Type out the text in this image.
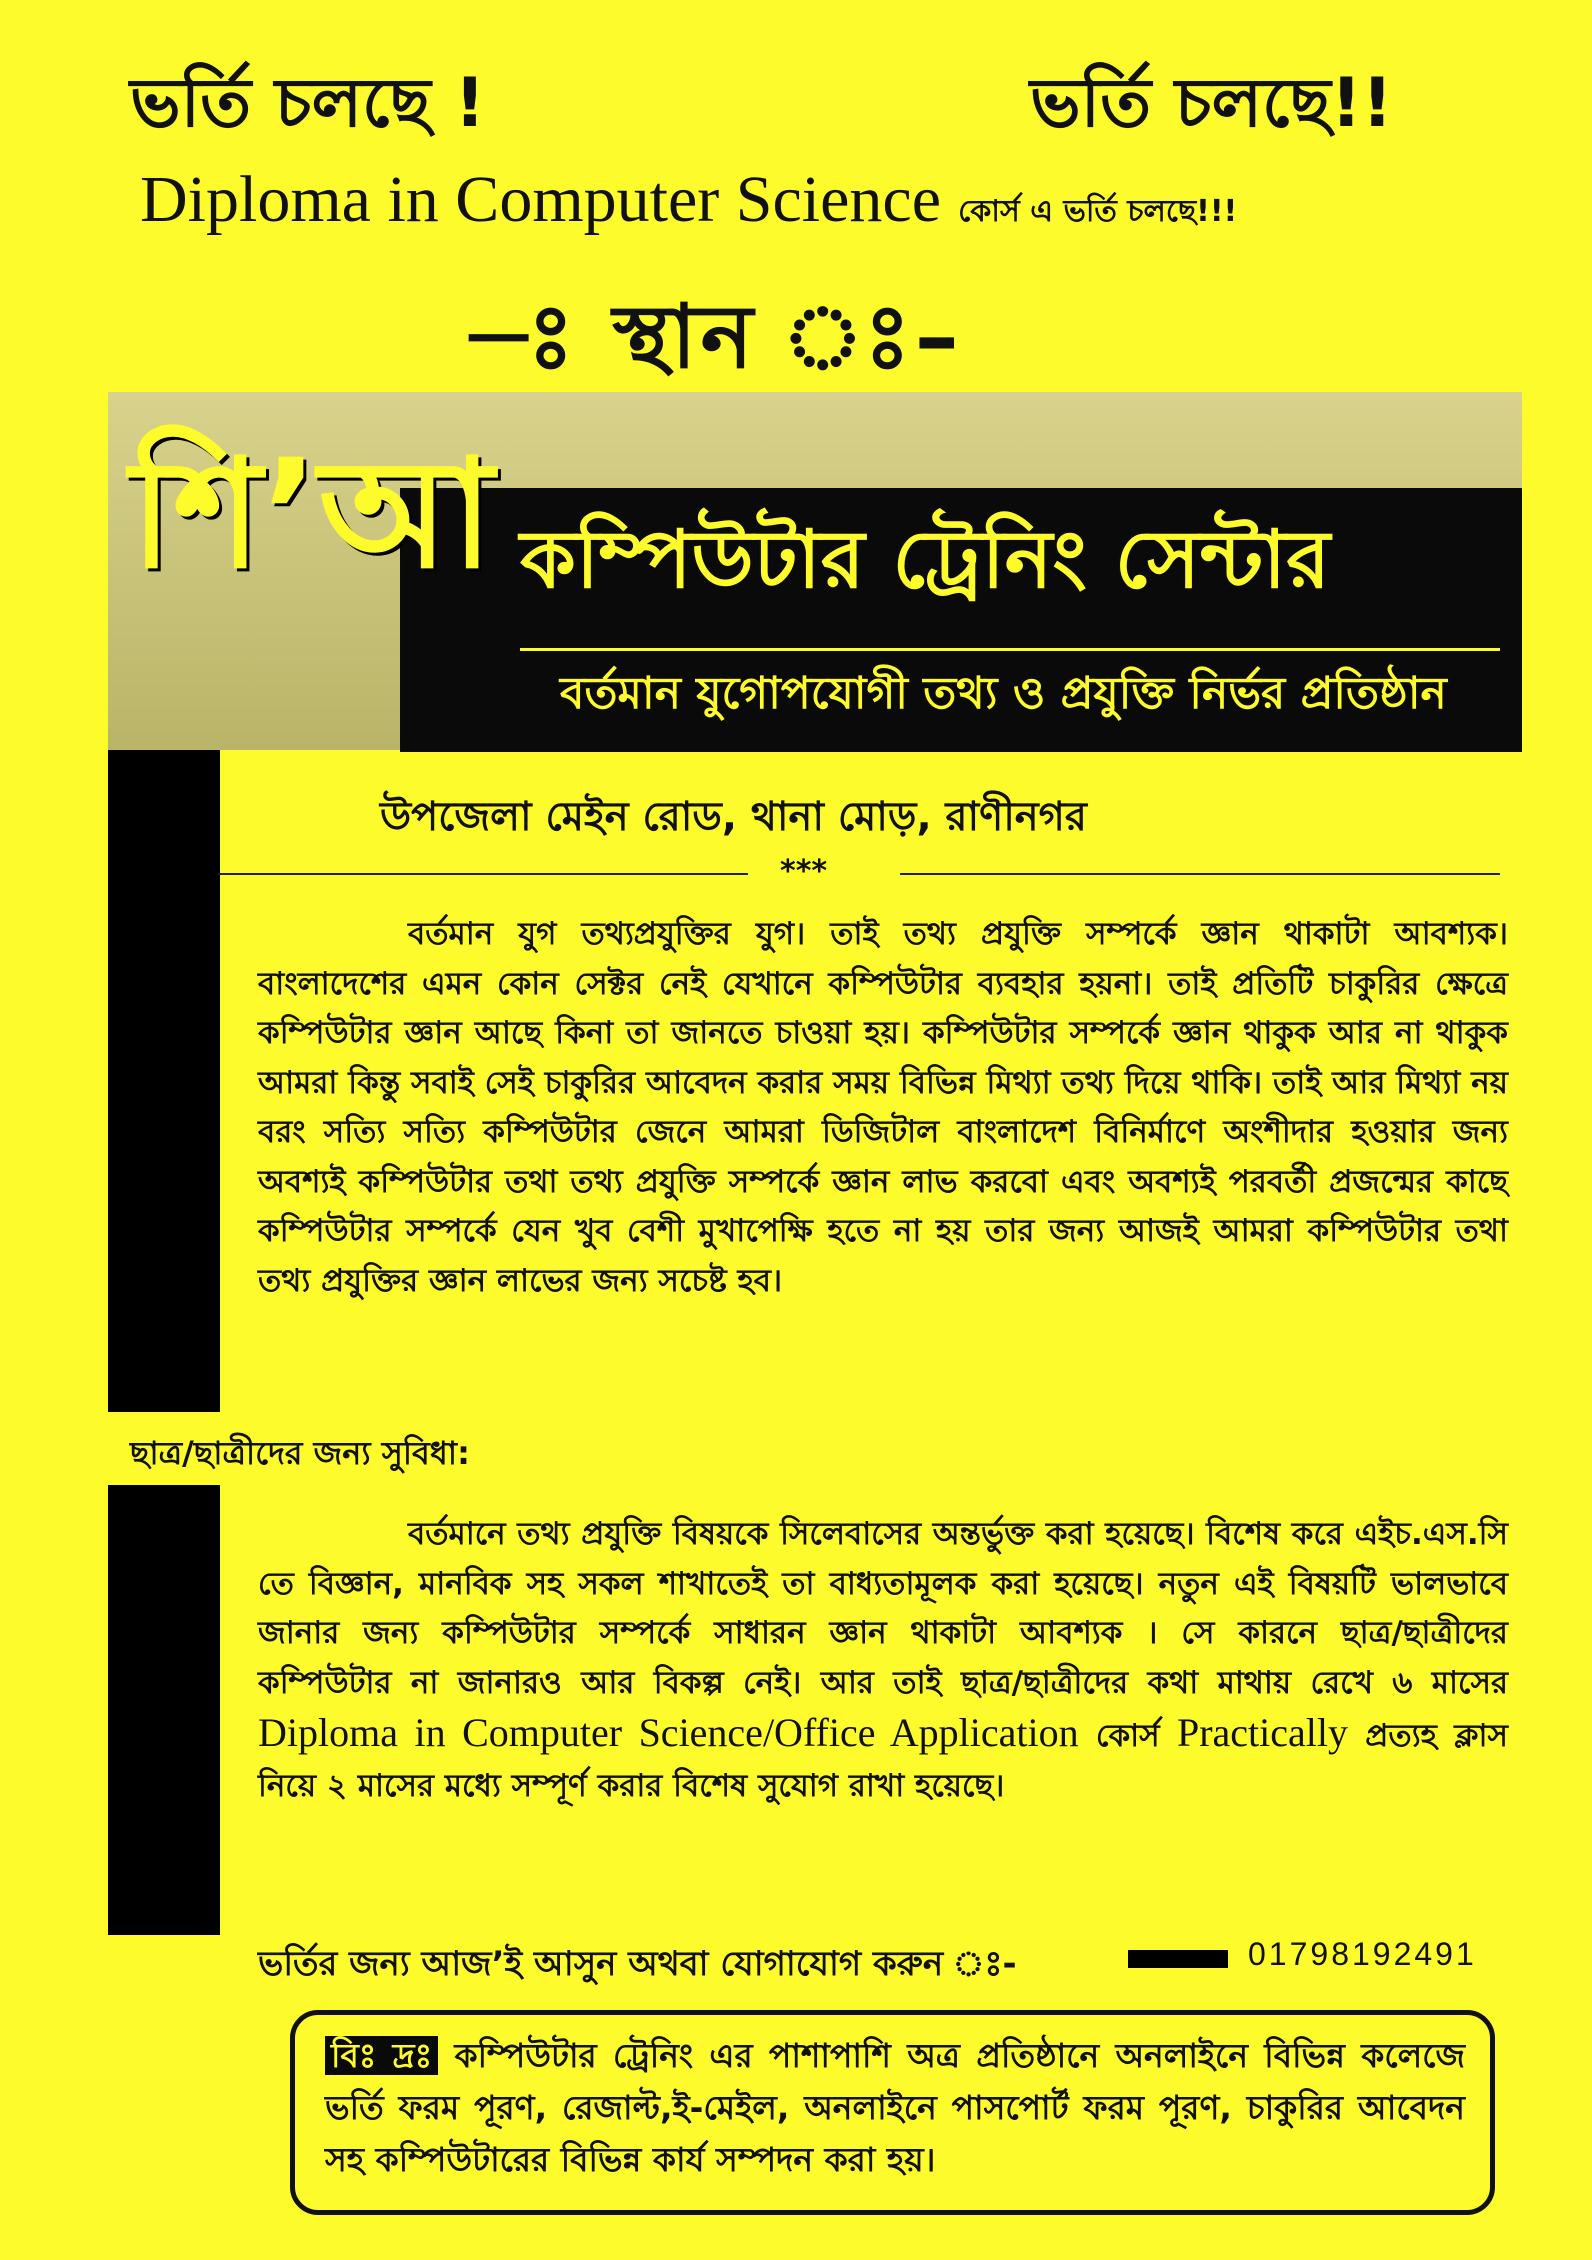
ভর্তি চলছে !	ভর্তি চলছে!!
Diploma in Computer Science কোর্স এ ভর্তি চলছে!!!
–ঃ স্থান ঃ–
শি’আ কম্পিউটার ট্রেনিং সেন্টার
বর্তমান যুগোপযোগী তথ্য ও প্রযুক্তি নির্ভর প্রতিষ্ঠান
উপজেলা মেইন রোড, থানা মোড়, রাণীনগর
***
বর্তমান যুগ তথ্যপ্রযুক্তির যুগ। তাই তথ্য প্রযুক্তি সম্পর্কে জ্ঞান থাকাটা আবশ্যক। বাংলাদেশের এমন কোন সেক্টর নেই যেখানে কম্পিউটার ব্যবহার হয়না। তাই প্রতিটি চাকুরির ক্ষেত্রে কম্পিউটার জ্ঞান আছে কিনা তা জানতে চাওয়া হয়। কম্পিউটার সম্পর্কে জ্ঞান থাকুক আর না থাকুক আমরা কিন্তু সবাই সেই চাকুরির আবেদন করার সময় বিভিন্ন মিথ্যা তথ্য দিয়ে থাকি। তাই আর মিথ্যা নয় বরং সত্যি সত্যি কম্পিউটার জেনে আমরা ডিজিটাল বাংলাদেশ বিনির্মাণে অংশীদার হওয়ার জন্য অবশ্যই কম্পিউটার তথা তথ্য প্রযুক্তি সম্পর্কে জ্ঞান লাভ করবো এবং অবশ্যই পরবর্তী প্রজন্মের কাছে কম্পিউটার সম্পর্কে যেন খুব বেশী মুখাপেক্ষি হতে না হয় তার জন্য আজই আমরা কম্পিউটার তথা তথ্য প্রযুক্তির জ্ঞান লাভের জন্য সচেষ্ট হব।
ছাত্র/ছাত্রীদের জন্য সুবিধা:
বর্তমানে তথ্য প্রযুক্তি বিষয়কে সিলেবাসের অন্তর্ভুক্ত করা হয়েছে। বিশেষ করে এইচ.এস.সি তে বিজ্ঞান, মানবিক সহ সকল শাখাতেই তা বাধ্যতামূলক করা হয়েছে। নতুন এই বিষয়টি ভালভাবে জানার জন্য কম্পিউটার সম্পর্কে সাধারন জ্ঞান থাকাটা আবশ্যক । সে কারনে ছাত্র/ছাত্রীদের কম্পিউটার না জানারও আর বিকল্প নেই। আর তাই ছাত্র/ছাত্রীদের কথা মাথায় রেখে ৬ মাসের Diploma in Computer Science/Office Application কোর্স Practically প্রত্যহ ক্লাস নিয়ে ২ মাসের মধ্যে সম্পূর্ণ করার বিশেষ সুযোগ রাখা হয়েছে।
ভর্তির জন্য আজ’ই আসুন অথবা যোগাযোগ করুন ঃ-	01798192491
বিঃ দ্রঃ কম্পিউটার ট্রেনিং এর পাশাপাশি অত্র প্রতিষ্ঠানে অনলাইনে বিভিন্ন কলেজে ভর্তি ফরম পূরণ, রেজাল্ট,ই-মেইল, অনলাইনে পাসপোর্ট ফরম পূরণ, চাকুরির আবেদন সহ কম্পিউটারের বিভিন্ন কার্য সম্পদন করা হয়।
